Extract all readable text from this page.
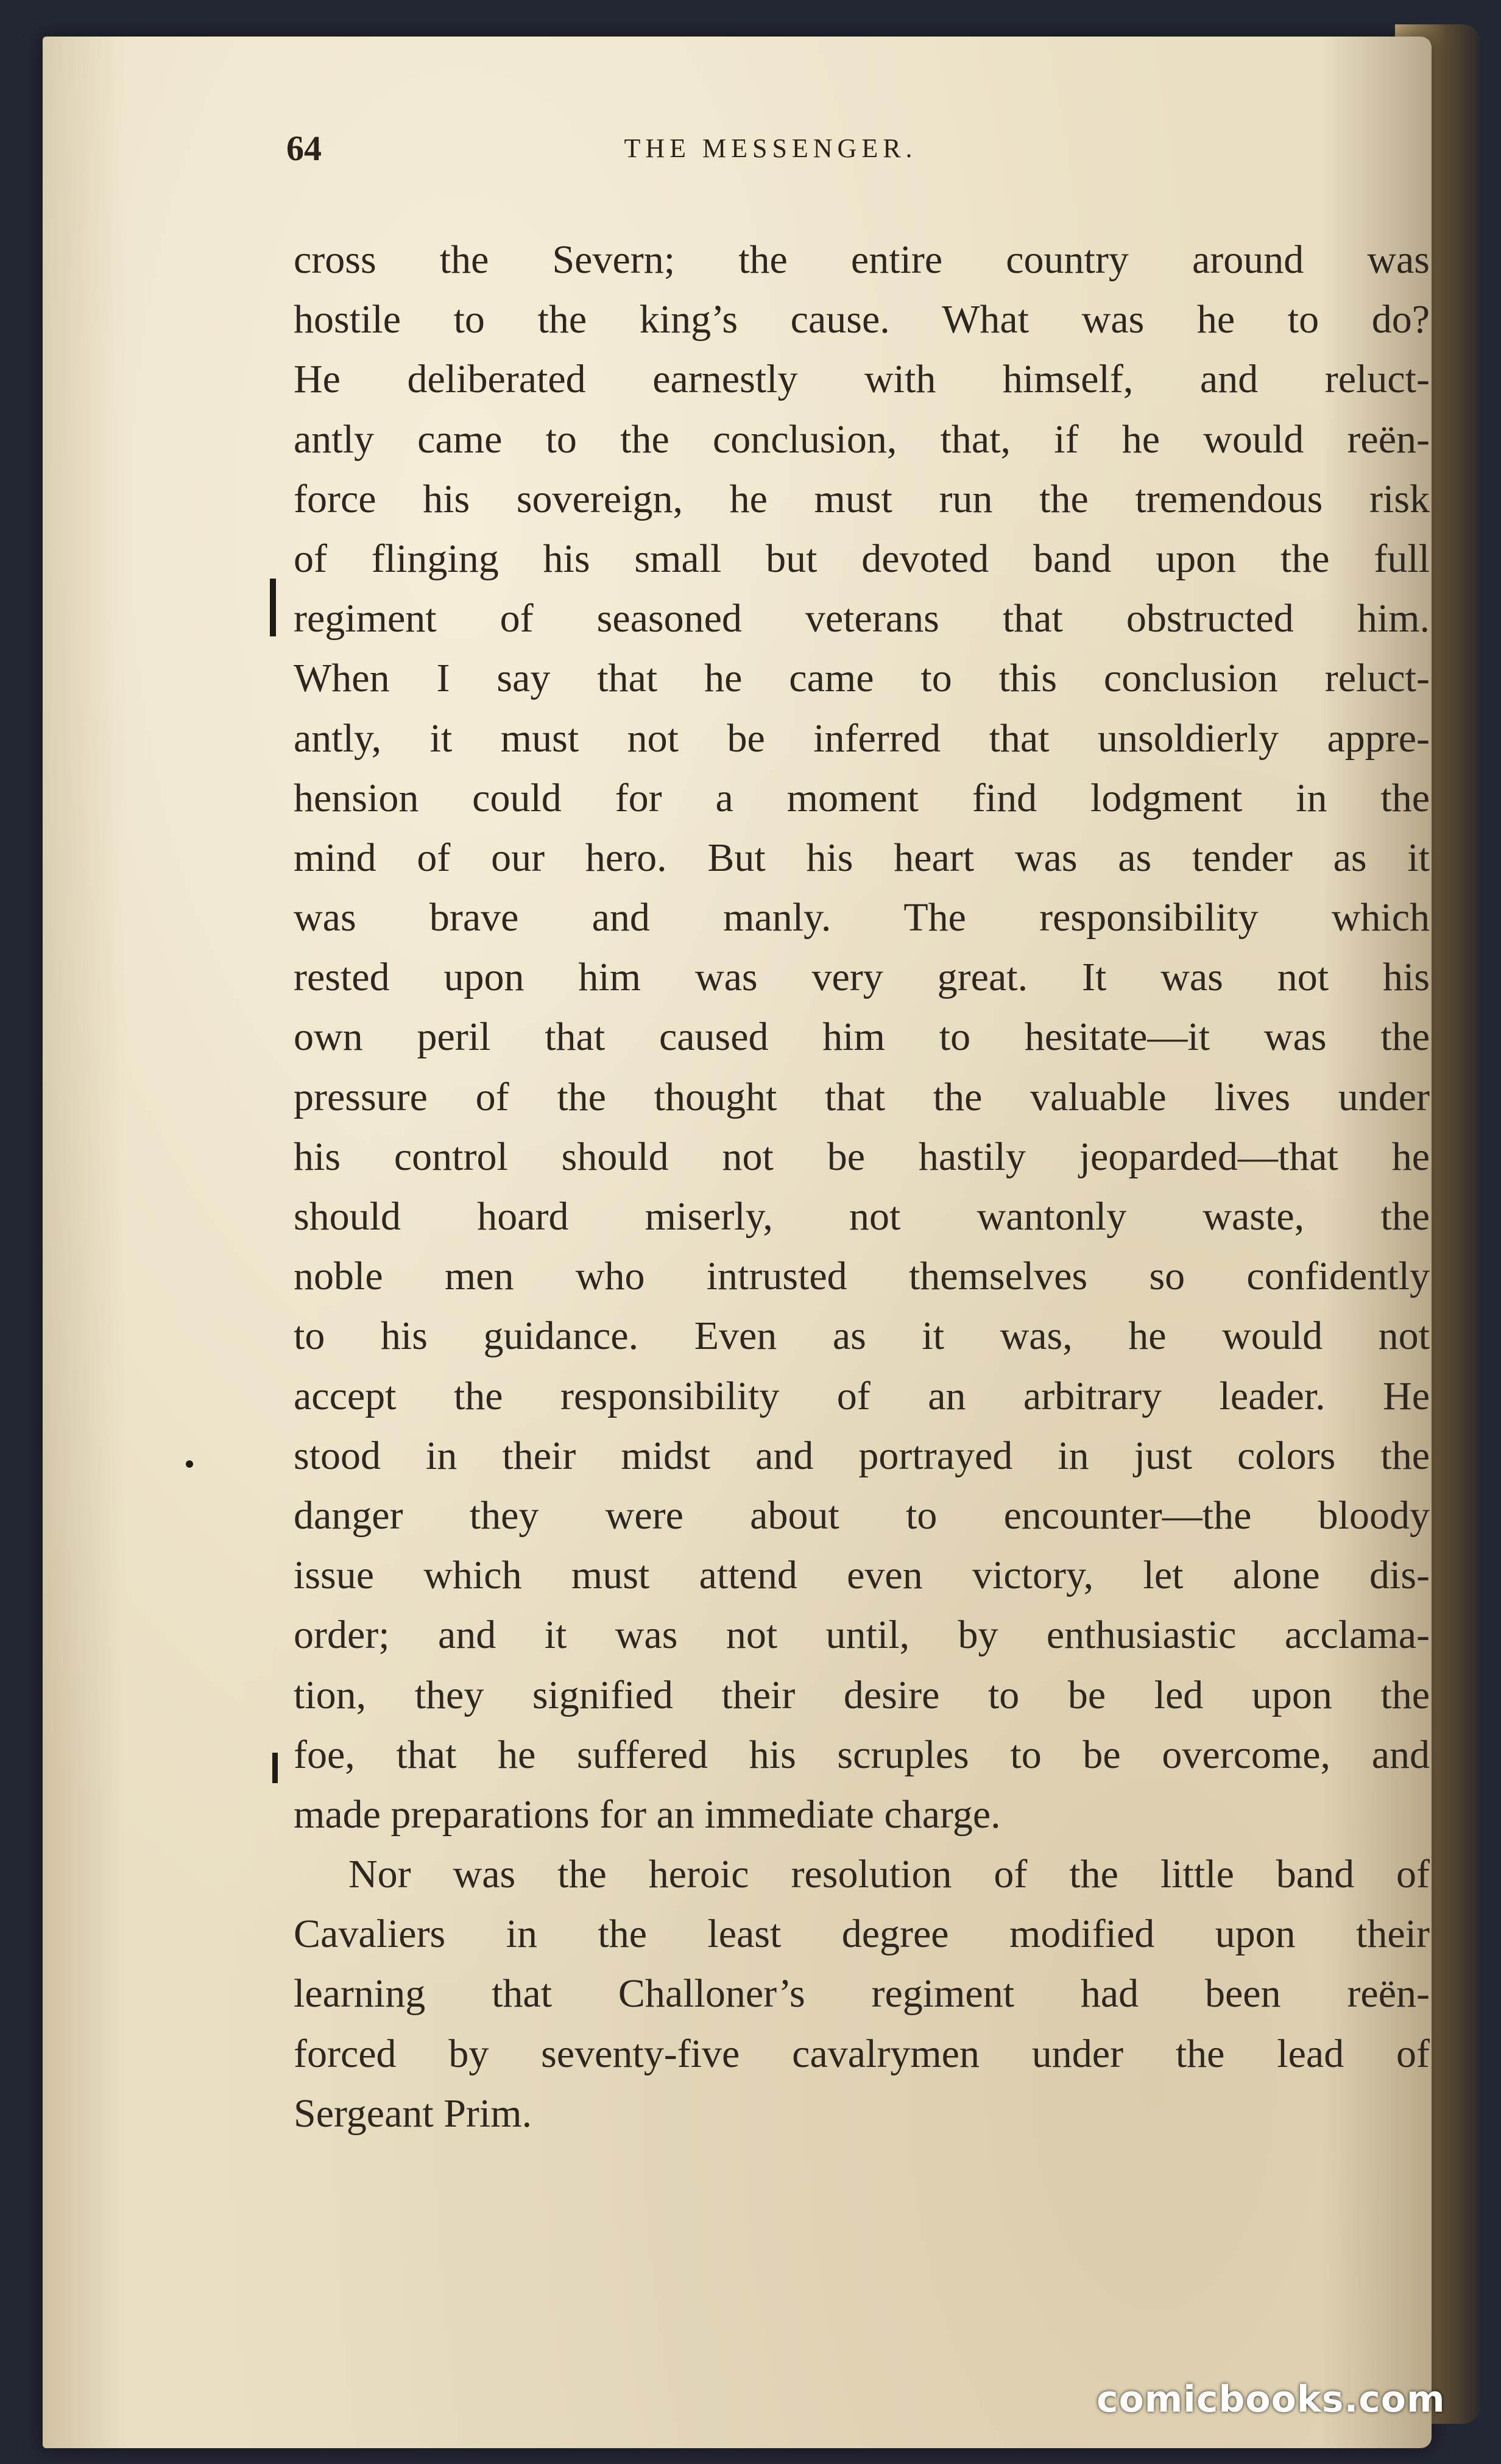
64	THE MESSENGER.
cross the Severn; the entire country around was
hostile to the king’s cause. What was he to do?
He deliberated earnestly with himself, and reluct-
antly came to the conclusion, that, if he would reën-
force his sovereign, he must run the tremendous risk
of flinging his small but devoted band upon the full
regiment of seasoned veterans that obstructed him.
When I say that he came to this conclusion reluct-
antly, it must not be inferred that unsoldierly appre-
hension could for a moment find lodgment in the
mind of our hero. But his heart was as tender as it
was brave and manly. The responsibility which
rested upon him was very great. It was not his
own peril that caused him to hesitate—it was the
pressure of the thought that the valuable lives under
his control should not be hastily jeoparded—that he
should hoard miserly, not wantonly waste, the
noble men who intrusted themselves so confidently
to his guidance. Even as it was, he would not
accept the responsibility of an arbitrary leader. He
stood in their midst and portrayed in just colors the
danger they were about to encounter—the bloody
issue which must attend even victory, let alone dis-
order; and it was not until, by enthusiastic acclama-
tion, they signified their desire to be led upon the
foe, that he suffered his scruples to be overcome, and
made preparations for an immediate charge.
Nor was the heroic resolution of the little band of
Cavaliers in the least degree modified upon their
learning that Challoner’s regiment had been reën-
forced by seventy-five cavalrymen under the lead of
Sergeant Prim.
comicbooks.com
